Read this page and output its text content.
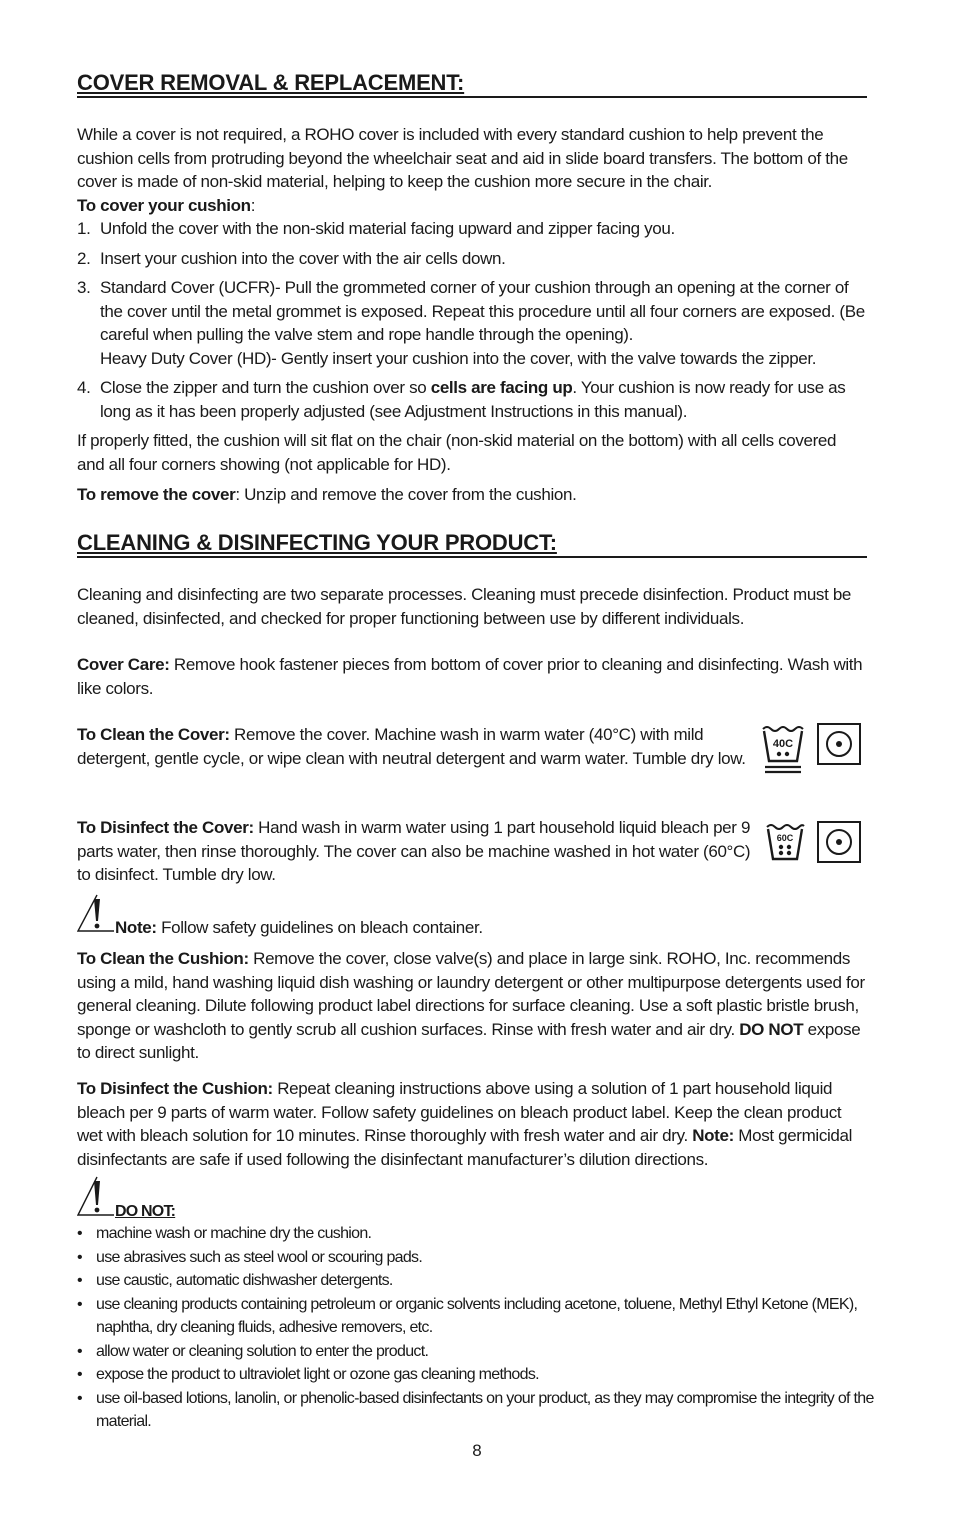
COVER REMOVAL & REPLACEMENT:
While a cover is not required, a ROHO cover is included with every standard cushion to help prevent the cushion cells from protruding beyond the wheelchair seat and aid in slide board transfers. The bottom of the cover is made of non-skid material, helping to keep the cushion more secure in the chair.
To cover your cushion:
1. Unfold the cover with the non-skid material facing upward and zipper facing you.
2. Insert your cushion into the cover with the air cells down.
3. Standard Cover (UCFR)- Pull the grommeted corner of your cushion through an opening at the corner of the cover until the metal grommet is exposed. Repeat this procedure until all four corners are exposed. (Be careful when pulling the valve stem and rope handle through the opening).
Heavy Duty Cover (HD)- Gently insert your cushion into the cover, with the valve towards the zipper.
4. Close the zipper and turn the cushion over so cells are facing up. Your cushion is now ready for use as long as it has been properly adjusted (see Adjustment Instructions in this manual).
If properly fitted, the cushion will sit flat on the chair (non-skid material on the bottom) with all cells covered and all four corners showing (not applicable for HD).
To remove the cover: Unzip and remove the cover from the cushion.
CLEANING & DISINFECTING YOUR PRODUCT:
Cleaning and disinfecting are two separate processes. Cleaning must precede disinfection. Product must be cleaned, disinfected, and checked for proper functioning between use by different individuals.
Cover Care: Remove hook fastener pieces from bottom of cover prior to cleaning and disinfecting. Wash with like colors.
To Clean the Cover: Remove the cover. Machine wash in warm water (40°C) with mild detergent, gentle cycle, or wipe clean with neutral detergent and warm water. Tumble dry low.
40C
To Disinfect the Cover: Hand wash in warm water using 1 part household liquid bleach per 9 parts water, then rinse thoroughly. The cover can also be machine washed in hot water (60°C) to disinfect. Tumble dry low.
60C
Note: Follow safety guidelines on bleach container.
To Clean the Cushion: Remove the cover, close valve(s) and place in large sink. ROHO, Inc. recommends using a mild, hand washing liquid dish washing or laundry detergent or other multipurpose detergents used for general cleaning. Dilute following product label directions for surface cleaning. Use a soft plastic bristle brush, sponge or washcloth to gently scrub all cushion surfaces. Rinse with fresh water and air dry. DO NOT expose to direct sunlight.
To Disinfect the Cushion: Repeat cleaning instructions above using a solution of 1 part household liquid bleach per 9 parts of warm water. Follow safety guidelines on bleach product label. Keep the clean product wet with bleach solution for 10 minutes. Rinse thoroughly with fresh water and air dry. Note: Most germicidal disinfectants are safe if used following the disinfectant manufacturer’s dilution directions.
DO NOT:
• machine wash or machine dry the cushion.
• use abrasives such as steel wool or scouring pads.
• use caustic, automatic dishwasher detergents.
• use cleaning products containing petroleum or organic solvents including acetone, toluene, Methyl Ethyl Ketone (MEK), naphtha, dry cleaning fluids, adhesive removers, etc.
• allow water or cleaning solution to enter the product.
• expose the product to ultraviolet light or ozone gas cleaning methods.
• use oil-based lotions, lanolin, or phenolic-based disinfectants on your product, as they may compromise the integrity of the material.
8
